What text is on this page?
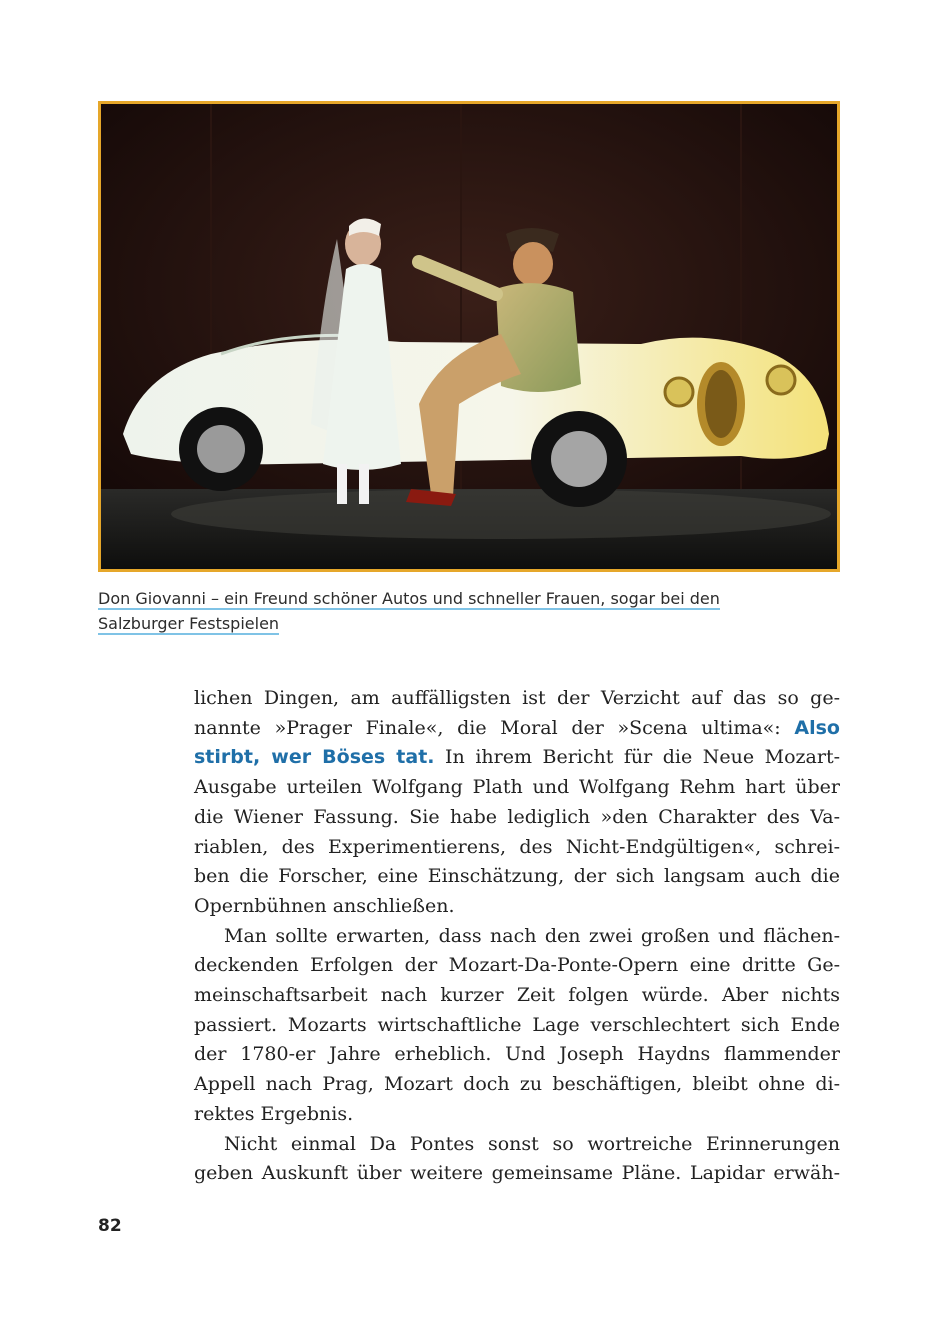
Don Giovanni – ein Freund schöner Autos und schneller Frauen, sogar bei den
Salzburger Festspielen
lichen Dingen, am auffälligsten ist der Verzicht auf das so ge-
nannte »Prager Finale«, die Moral der »Scena ultima«: Also
stirbt, wer Böses tat. In ihrem Bericht für die Neue Mozart-
Ausgabe urteilen Wolfgang Plath und Wolfgang Rehm hart über
die Wiener Fassung. Sie habe lediglich »den Charakter des Va-
riablen, des Experimentierens, des Nicht-Endgültigen«, schrei-
ben die Forscher, eine Einschätzung, der sich langsam auch die
Opernbühnen anschließen.
Man sollte erwarten, dass nach den zwei großen und flächen-
deckenden Erfolgen der Mozart-Da-Ponte-Opern eine dritte Ge-
meinschaftsarbeit nach kurzer Zeit folgen würde. Aber nichts
passiert. Mozarts wirtschaftliche Lage verschlechtert sich Ende
der 1780-er Jahre erheblich. Und Joseph Haydns flammender
Appell nach Prag, Mozart doch zu beschäftigen, bleibt ohne di-
rektes Ergebnis.
Nicht einmal Da Pontes sonst so wortreiche Erinnerungen
geben Auskunft über weitere gemeinsame Pläne. Lapidar erwäh-
82
